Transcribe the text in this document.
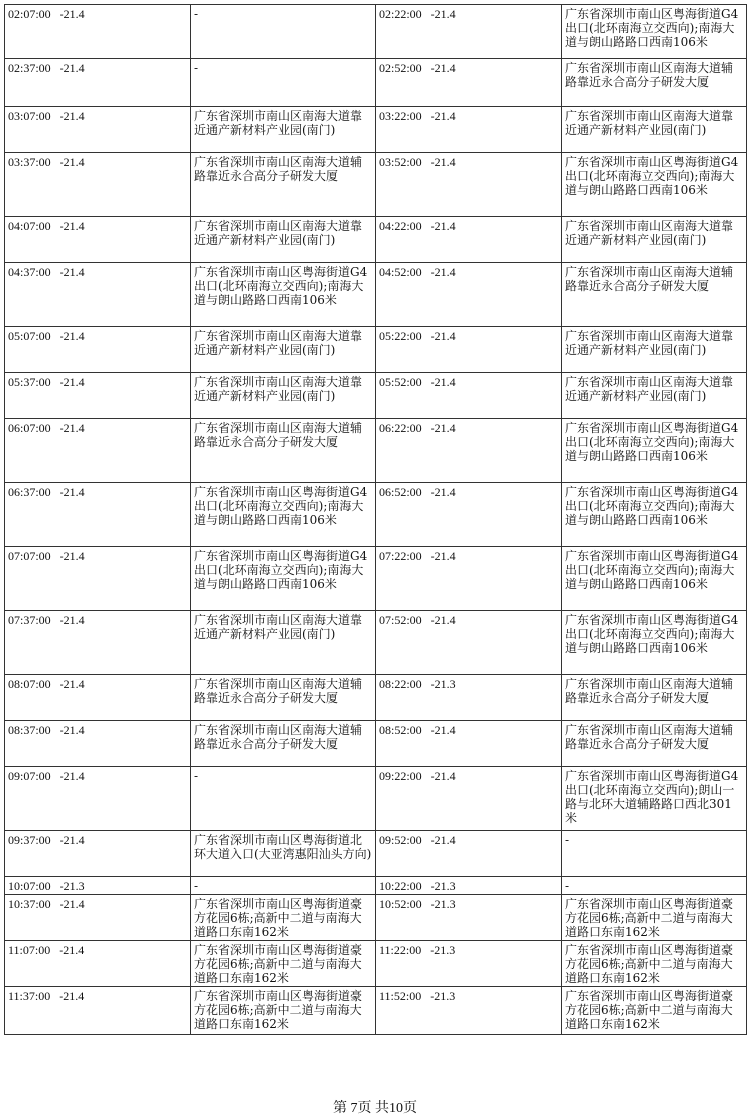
02:07:00 -21.4	-	02:22:00 -21.4	广东省深圳市南山区粤海街道G4出口(北环南海立交西向);南海大道与朗山路路口西南106米
02:37:00 -21.4	-	02:52:00 -21.4	广东省深圳市南山区南海大道辅路靠近永合高分子研发大厦
03:07:00 -21.4	广东省深圳市南山区南海大道靠近通产新材料产业园(南门)	03:22:00 -21.4	广东省深圳市南山区南海大道靠近通产新材料产业园(南门)
03:37:00 -21.4	广东省深圳市南山区南海大道辅路靠近永合高分子研发大厦	03:52:00 -21.4	广东省深圳市南山区粤海街道G4出口(北环南海立交西向);南海大道与朗山路路口西南106米
04:07:00 -21.4	广东省深圳市南山区南海大道靠近通产新材料产业园(南门)	04:22:00 -21.4	广东省深圳市南山区南海大道靠近通产新材料产业园(南门)
04:37:00 -21.4	广东省深圳市南山区粤海街道G4出口(北环南海立交西向);南海大道与朗山路路口西南106米	04:52:00 -21.4	广东省深圳市南山区南海大道辅路靠近永合高分子研发大厦
05:07:00 -21.4	广东省深圳市南山区南海大道靠近通产新材料产业园(南门)	05:22:00 -21.4	广东省深圳市南山区南海大道靠近通产新材料产业园(南门)
05:37:00 -21.4	广东省深圳市南山区南海大道靠近通产新材料产业园(南门)	05:52:00 -21.4	广东省深圳市南山区南海大道靠近通产新材料产业园(南门)
06:07:00 -21.4	广东省深圳市南山区南海大道辅路靠近永合高分子研发大厦	06:22:00 -21.4	广东省深圳市南山区粤海街道G4出口(北环南海立交西向);南海大道与朗山路路口西南106米
06:37:00 -21.4	广东省深圳市南山区粤海街道G4出口(北环南海立交西向);南海大道与朗山路路口西南106米	06:52:00 -21.4	广东省深圳市南山区粤海街道G4出口(北环南海立交西向);南海大道与朗山路路口西南106米
07:07:00 -21.4	广东省深圳市南山区粤海街道G4出口(北环南海立交西向);南海大道与朗山路路口西南106米	07:22:00 -21.4	广东省深圳市南山区粤海街道G4出口(北环南海立交西向);南海大道与朗山路路口西南106米
07:37:00 -21.4	广东省深圳市南山区南海大道靠近通产新材料产业园(南门)	07:52:00 -21.4	广东省深圳市南山区粤海街道G4出口(北环南海立交西向);南海大道与朗山路路口西南106米
08:07:00 -21.4	广东省深圳市南山区南海大道辅路靠近永合高分子研发大厦	08:22:00 -21.3	广东省深圳市南山区南海大道辅路靠近永合高分子研发大厦
08:37:00 -21.4	广东省深圳市南山区南海大道辅路靠近永合高分子研发大厦	08:52:00 -21.4	广东省深圳市南山区南海大道辅路靠近永合高分子研发大厦
09:07:00 -21.4	-	09:22:00 -21.4	广东省深圳市南山区粤海街道G4出口(北环南海立交西向);朗山一路与北环大道辅路路口西北301米
09:37:00 -21.4	广东省深圳市南山区粤海街道北环大道入口(大亚湾惠阳汕头方向)	09:52:00 -21.4	-
10:07:00 -21.3	-	10:22:00 -21.3	-
10:37:00 -21.4	广东省深圳市南山区粤海街道豪方花园6栋;高新中二道与南海大道路口东南162米	10:52:00 -21.3	广东省深圳市南山区粤海街道豪方花园6栋;高新中二道与南海大道路口东南162米
11:07:00 -21.4	广东省深圳市南山区粤海街道豪方花园6栋;高新中二道与南海大道路口东南162米	11:22:00 -21.3	广东省深圳市南山区粤海街道豪方花园6栋;高新中二道与南海大道路口东南162米
11:37:00 -21.4	广东省深圳市南山区粤海街道豪方花园6栋;高新中二道与南海大道路口东南162米	11:52:00 -21.3	广东省深圳市南山区粤海街道豪方花园6栋;高新中二道与南海大道路口东南162米
第 7页 共10页
